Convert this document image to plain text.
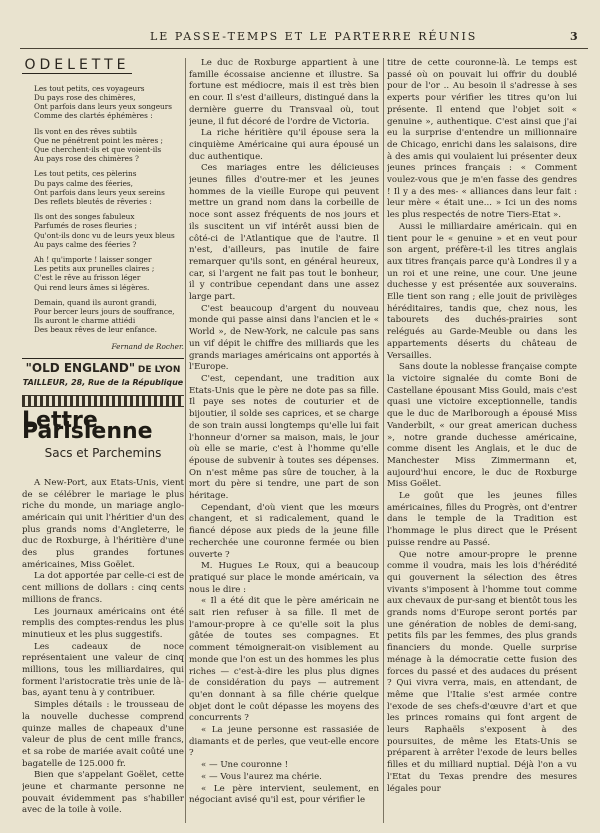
LE PASSE-TEMPS ET LE PARTERRE RÉUNIS	3
ODELETTE
Les tout petits, ces voyageurs
Du pays rose des chimères,
Ont parfois dans leurs yeux songeurs
Comme des clartés éphémères :
Ils vont en des rêves subtils
Que ne pénétrent point les mères ;
Que cherchent-ils et que voient-ils
Au pays rose des chimères ?
Les tout petits, ces pèlerins
Du pays calme des féeries,
Ont parfois dans leurs yeux sereins
Des reflets bleutés de rêveries :
Ils ont des songes fabuleux
Parfumés de roses fleuries ;
Qu'ont-ils donc vu de leurs yeux bleus
Au pays calme des féeries ?
Ah ! qu'importe ! laisser songer
Les petits aux prunelles claires ;
C'est le rêve au frisson léger
Qui rend leurs âmes si légères.
Demain, quand ils auront grandi,
Pour bercer leurs jours de souffrance,
Ils auront le charme attiédi
Des beaux rêves de leur enfance.
Fernand de Rocher.
"OLD ENGLAND" DE LYON
TAILLEUR, 28, Rue de la République
Lettre Parisienne
Sacs et Parchemins

A New-Port, aux Etats-Unis, vient de se célébrer le mariage le plus riche du monde, un mariage anglo-américain qui unit l'héritier d'un des plus grands noms d'Angleterre, le duc de Roxburge, à l'héritière d'une des plus grandes fortunes américaines, Miss Goëlet.

La dot apportée par celle-ci est de cent millions de dollars : cinq cents millions de francs.

Les journaux américains ont été remplis des comptes-rendus les plus minutieux et les plus suggestifs.

Les cadeaux de noce représentaient une valeur de cinq millions, tous les milliardaires, qui forment l'aristocratie très unie de là-bas, ayant tenu à y contribuer.

Simples détails : le trousseau de la nouvelle duchesse comprend quinze malles de chapeaux d'une valeur de plus de cent mille francs, et sa robe de mariée avait coûté une bagatelle de 125.000 fr.

Bien que s'appelant Goëlet, cette jeune et charmante personne ne pouvait évidemment pas s'habiller avec de la toile à voile.

Le duc de Roxburge appartient à une famille écossaise ancienne et illustre. Sa fortune est médiocre, mais il est très bien en cour. Il s'est d'ailleurs, distingué dans la dernière guerre du Transvaal où, tout jeune, il fut décoré de l'ordre de Victoria.

La riche héritière qu'il épouse sera la cinquième Américaine qui aura épousé un duc authentique.

Ces mariages entre les délicieuses jeunes filles d'outre-mer et les jeunes hommes de la vieille Europe qui peuvent mettre un grand nom dans la corbeille de noce sont assez fréquents de nos jours et ils suscitent un vif intérêt aussi bien de côté-ci de l'Atlantique que de l'autre. Il n'est, d'ailleurs, pas inutile de faire remarquer qu'ils sont, en général heureux, car, si l'argent ne fait pas tout le bonheur, il y contribue cependant dans une assez large part.

C'est beaucoup d'argent du nouveau monde qui passe ainsi dans l'ancien et le « World », de New-York, ne calcule pas sans un vif dépit le chiffre des milliards que les grands mariages américains ont apportés à l'Europe.

C'est, cependant, une tradition aux Etats-Unis que le père ne dote pas sa fille. Il paye ses notes de couturier et de bijoutier, il solde ses caprices, et se charge de son train aussi longtemps qu'elle lui fait l'honneur d'orner sa maison, mais, le jour où elle se marie, c'est à l'homme qu'elle épouse de subvenir à toutes ses dépenses. On n'est même pas sûre de toucher, à la mort du père si tendre, une part de son héritage.

Cependant, d'où vient que les mœurs changent, et si radicalement, quand le fiancé dépose aux pieds de la jeune fille recherchée une couronne fermée ou bien ouverte ?

M. Hugues Le Roux, qui a beaucoup pratiqué sur place le monde américain, va nous le dire :

« Il a été dit que le père américain ne sait rien refuser à sa fille. Il met de l'amour-propre à ce qu'elle soit la plus gâtée de toutes ses compagnes. Et comment témoignerait-on visiblement au monde que l'on est un des hommes les plus riches — c'est-à-dire les plus plus dignes de considération du pays — autrement qu'en donnant à sa fille chérie quelque objet dont le coût dépasse les moyens des concurrents ?

« La jeune personne est rassasiée de diamants et de perles, que veut-elle encore ?

« — Une couronne !

« — Vous l'aurez ma chérie.

« Le père intervient, seulement, en négociant avisé qu'il est, pour vérifier le

titre de cette couronne-là. Le temps est passé où on pouvait lui offrir du doublé pour de l'or .. Au besoin il s'adresse à ses experts pour vérifier les titres qu'on lui présente. Il entend que l'objet soit « genuine », authentique. C'est ainsi que j'ai eu la surprise d'entendre un millionnaire de Chicago, enrichi dans les salaisons, dire à des amis qui voulaient lui présenter deux jeunes princes français : « Comment voulez-vous que je m'en fasse des gendres ! Il y a des mes- « alliances dans leur fait : leur mère « était une... » Ici un des noms les plus respectés de notre Tiers-Etat ».

Aussi le milliardaire américain. qui en tient pour le « genuine » et en veut pour son argent, préfère-t-il les titres anglais aux titres français parce qu'à Londres il y a un roi et une reine, une cour. Une jeune duchesse y est présentée aux souverains. Elle tient son rang ; elle jouit de privilèges héréditaires, tandis que, chez nous, les tabourets des duchés-prairies sont relégués au Garde-Meuble ou dans les appartements déserts du château de Versailles.

Sans doute la noblesse française compte la victoire signalée du comte Boni de Castellane épousant Miss Gould, mais c'est quasi une victoire exceptionnelle, tandis que le duc de Marlborough a épousé Miss Vanderbilt, « our great american duchess », notre grande duchesse américaine, comme disent les Anglais, et le duc de Manchester Miss Zimmermann et, aujourd'hui encore, le duc de Roxburge Miss Goëlet.

Le goût que les jeunes filles américaines, filles du Progrès, ont d'entrer dans le temple de la Tradition est l'hommage le plus direct que le Présent puisse rendre au Passé.

Que notre amour-propre le prenne comme il voudra, mais les lois d'hérédité qui gouvernent la sélection des êtres vivants s'imposent à l'homme tout comme aux chevaux de pur-sang et bientôt tous les grands noms d'Europe seront portés par une génération de nobles de demi-sang, petits fils par les femmes, des plus grands financiers du monde. Quelle surprise ménage à la démocratie cette fusion des forces du passé et des audaces du présent ? Qui vivra verra, mais, en attendant, de même que l'Italie s'est armée contre l'exode de ses chefs-d'œuvre d'art et que les princes romains qui font argent de leurs Raphaëls s'exposent à des poursuites, de même les Etats-Unis se préparent à arrêter l'exode de leurs belles filles et du milliard nuptial. Déjà l'on a vu l'Etat du Texas prendre des mesures légales pour
